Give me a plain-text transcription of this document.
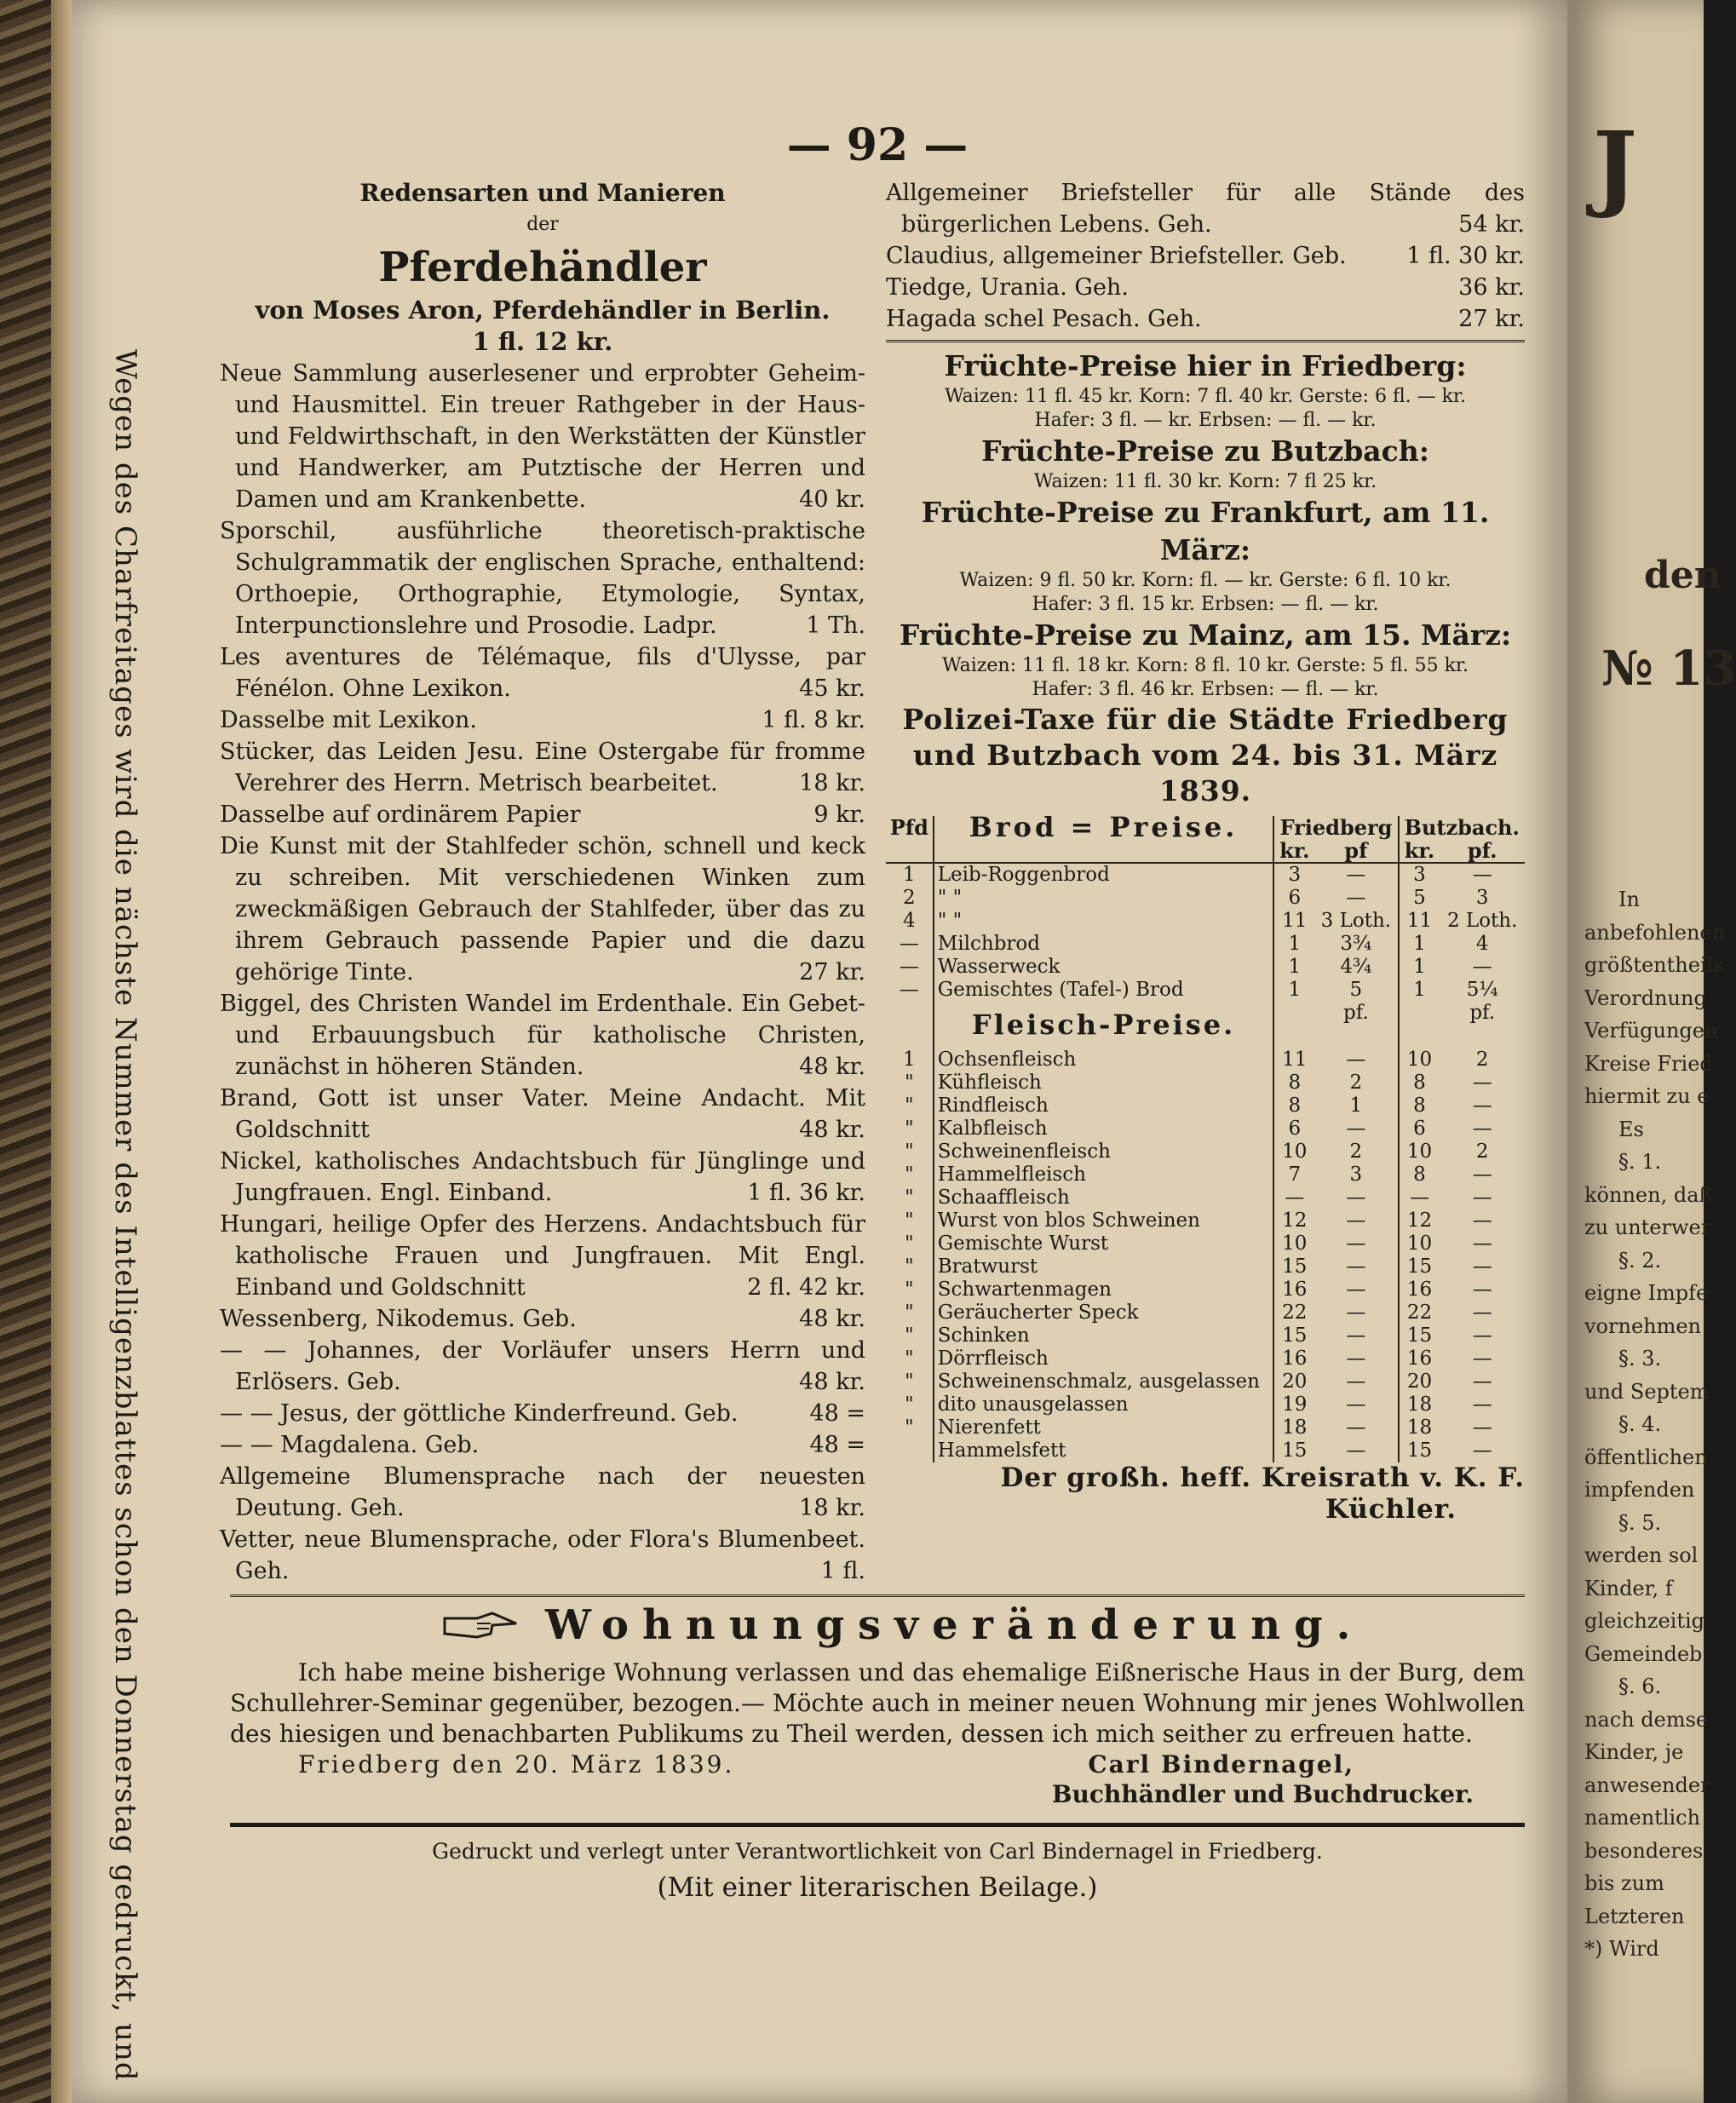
Wegen des Charfreitages wird die nächste Nummer des Intelligenzblattes schon den Donnerstag gedruckt, und
— 92 —
Redensarten und Manieren
der
Pferdehändler
von Moses Aron, Pferdehändler in Berlin.
1 fl. 12 kr.
Neue Sammlung auserlesener und erprobter Geheim- und Hausmittel. Ein treuer Rathgeber in der Haus- und Feldwirthschaft, in den Werkstätten der Künstler und Handwerker, am Putztische der Herren und Damen und am Krankenbette.	40 kr.
Sporschil, ausführliche theoretisch-praktische Schulgrammatik der englischen Sprache, enthaltend: Orthoepie, Orthographie, Etymologie, Syntax, Interpunctionslehre und Prosodie. Ladpr.	1 Th.
Les aventures de Télémaque, fils d'Ulysse, par Fénélon. Ohne Lexikon.	45 kr.
Dasselbe mit Lexikon.	1 fl. 8 kr.
Stücker, das Leiden Jesu. Eine Ostergabe für fromme Verehrer des Herrn. Metrisch bearbeitet.	18 kr.
Dasselbe auf ordinärem Papier	9 kr.
Die Kunst mit der Stahlfeder schön, schnell und keck zu schreiben. Mit verschiedenen Winken zum zweckmäßigen Gebrauch der Stahlfeder, über das zu ihrem Gebrauch passende Papier und die dazu gehörige Tinte.	27 kr.
Biggel, des Christen Wandel im Erdenthale. Ein Gebet- und Erbauungsbuch für katholische Christen, zunächst in höheren Ständen.	48 kr.
Brand, Gott ist unser Vater. Meine Andacht. Mit Goldschnitt	48 kr.
Nickel, katholisches Andachtsbuch für Jünglinge und Jungfrauen. Engl. Einband.	1 fl. 36 kr.
Hungari, heilige Opfer des Herzens. Andachtsbuch für katholische Frauen und Jungfrauen. Mit Engl. Einband und Goldschnitt	2 fl. 42 kr.
Wessenberg, Nikodemus. Geb.	48 kr.
— — Johannes, der Vorläufer unsers Herrn und Erlösers. Geb.	48 kr.
— — Jesus, der göttliche Kinderfreund. Geb.	48 =
— — Magdalena. Geb.	48 =
Allgemeine Blumensprache nach der neuesten Deutung. Geh.	18 kr.
Vetter, neue Blumensprache, oder Flora's Blumenbeet. Geh.	1 fl.
Allgemeiner Briefsteller für alle Stände des bürgerlichen Lebens. Geh.	54 kr.
Claudius, allgemeiner Briefsteller. Geb.	1 fl. 30 kr.
Tiedge, Urania. Geh.	36 kr.
Hagada schel Pesach. Geh.	27 kr.
Früchte-Preise hier in Friedberg:
Waizen: 11 fl. 45 kr. Korn: 7 fl. 40 kr. Gerste: 6 fl. — kr.
Hafer: 3 fl. — kr. Erbsen: — fl. — kr.
Früchte-Preise zu Butzbach:
Waizen: 11 fl. 30 kr. Korn: 7 fl 25 kr.
Früchte-Preise zu Frankfurt, am 11. März:
Waizen: 9 fl. 50 kr. Korn: fl. — kr. Gerste: 6 fl. 10 kr.
Hafer: 3 fl. 15 kr. Erbsen: — fl. — kr.
Früchte-Preise zu Mainz, am 15. März:
Waizen: 11 fl. 18 kr. Korn: 8 fl. 10 kr. Gerste: 5 fl. 55 kr.
Hafer: 3 fl. 46 kr. Erbsen: — fl. — kr.
Polizei-Taxe für die Städte Friedberg und Butzbach vom 24. bis 31. März 1839.
Pfd	Brod = Preise.	Friedberg		Butzbach.	
		kr.	pf	kr.	pf.
1	Leib-Roggenbrod	3	—	3	—
2	" "	6	—	5	3
4	" "	11	3 Loth.	11	2 Loth.
—	Milchbrod	1	3¾	1	4
—	Wasserweck	1	4¾	1	—
—	Gemischtes (Tafel-) Brod	1	5	1	5¼
	Fleisch-Preise.		pf.		pf.
1	Ochsenfleisch	11	—	10	2
"	Kühfleisch	8	2	8	—
"	Rindfleisch	8	1	8	—
"	Kalbfleisch	6	—	6	—
"	Schweinenfleisch	10	2	10	2
"	Hammelfleisch	7	3	8	—
"	Schaaffleisch	—	—	—	—
"	Wurst von blos Schweinen	12	—	12	—
"	Gemischte Wurst	10	—	10	—
"	Bratwurst	15	—	15	—
"	Schwartenmagen	16	—	16	—
"	Geräucherter Speck	22	—	22	—
"	Schinken	15	—	15	—
"	Dörrfleisch	16	—	16	—
"	Schweinenschmalz, ausgelassen	20	—	20	—
"	dito unausgelassen	19	—	18	—
"	Nierenfett	18	—	18	—
	Hammelsfett	15	—	15	—
Der großh. heff. Kreisrath v. K. F.
Küchler.
Wohnungsveränderung.
Ich habe meine bisherige Wohnung verlassen und das ehemalige Eißnerische Haus in der Burg, dem Schullehrer-Seminar gegenüber, bezogen.— Möchte auch in meiner neuen Wohnung mir jenes Wohlwollen des hiesigen und benachbarten Publikums zu Theil werden, dessen ich mich seither zu erfreuen hatte.
Friedberg den 20. März 1839.	Carl Bindernagel,
Buchhändler und Buchdrucker.
Gedruckt und verlegt unter Verantwortlichkeit von Carl Bindernagel in Friedberg.
(Mit einer literarischen Beilage.)
J
den
№ 13
In
anbefohlenen
größtentheils
Verordnung
Verfügungen
Kreise Fried
hiermit zu e
Es
§. 1.
können, daß
zu unterwer
§. 2.
eigne Impfe
vornehmen
§. 3.
und Septem
§. 4.
öffentlichen
impfenden
§. 5.
werden sol
Kinder, f
gleichzeitig
Gemeindeb
§. 6.
nach demse
Kinder, je
anwesender
namentlich
besonderes
bis zum
Letzteren
*) Wird
